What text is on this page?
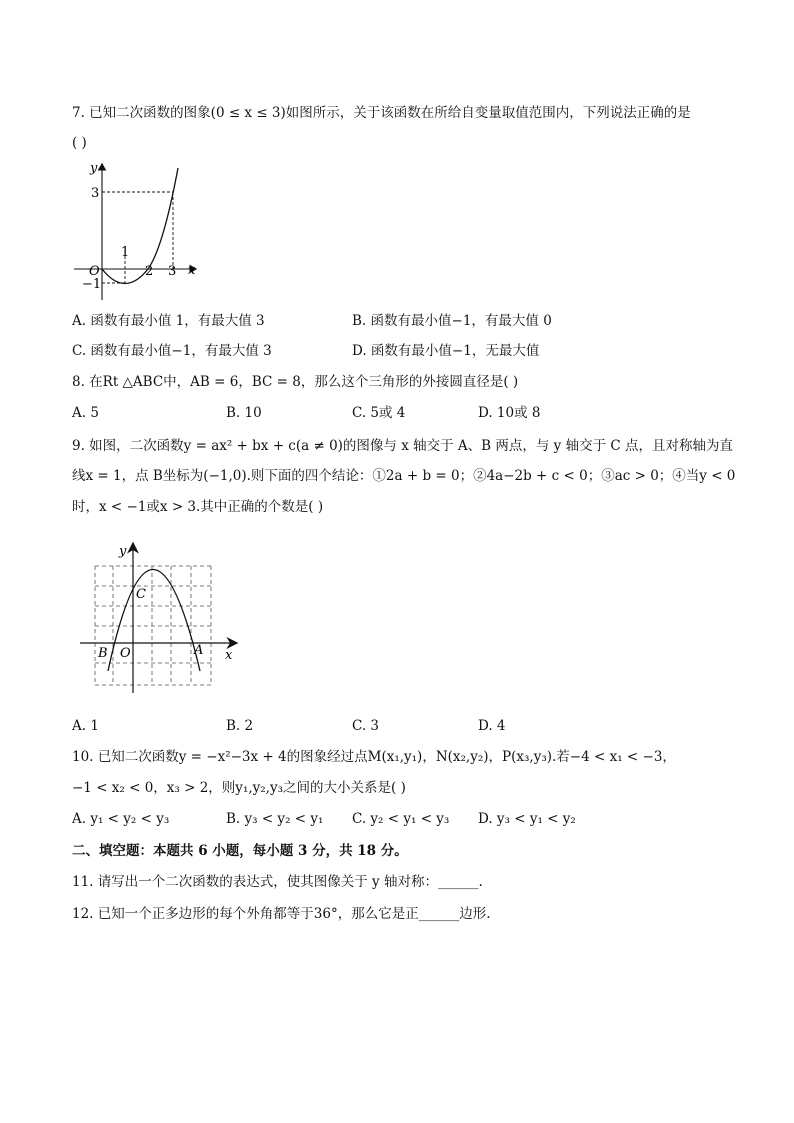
7. 已知二次函数的图象(0 ≤ x ≤ 3)如图所示，关于该函数在所给自变量取值范围内，下列说法正确的是
( )
y
x
O
3
−1
1
2 3
A. 函数有最小值 1，有最大值 3	B. 函数有最小值−1，有最大值 0
C. 函数有最小值−1，有最大值 3	D. 函数有最小值−1，无最大值
8. 在Rt △ABC中，AB = 6，BC = 8，那么这个三角形的外接圆直径是( )
A. 5	B. 10	C. 5或 4	D. 10或 8
9. 如图，二次函数y = ax² + bx + c(a ≠ 0)的图像与 x 轴交于 A、B 两点，与 y 轴交于 C 点，且对称轴为直
线x = 1，点 B坐标为(−1,0).则下面的四个结论：①2a + b = 0；②4a−2b + c < 0；③ac > 0；④当y < 0
时，x < −1或x > 3.其中正确的个数是( )
y
x
O
B	A
C
A. 1	B. 2	C. 3	D. 4
10. 已知二次函数y = −x²−3x + 4的图象经过点M(x₁,y₁)，N(x₂,y₂)，P(x₃,y₃).若−4 < x₁ < −3，
−1 < x₂ < 0，x₃ > 2，则y₁,y₂,y₃之间的大小关系是( )
A. y₁ < y₂ < y₃	B. y₃ < y₂ < y₁ C. y₂ < y₁ < y₃ D. y₃ < y₁ < y₂
二、填空题：本题共 6 小题，每小题 3 分，共 18 分。
11. 请写出一个二次函数的表达式，使其图像关于 y 轴对称：______.
12. 已知一个正多边形的每个外角都等于36°，那么它是正______边形.
